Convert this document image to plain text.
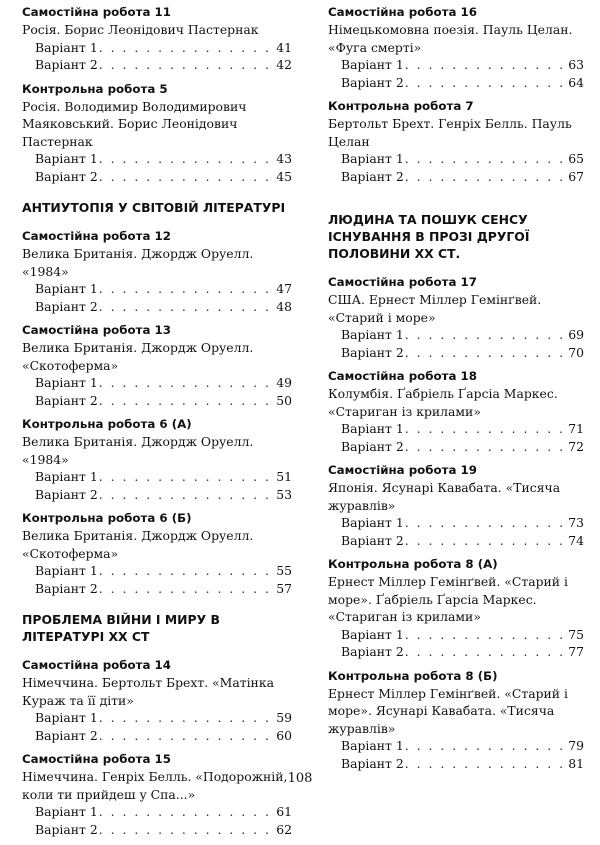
Самостійна робота 11
Росія. Борис Леонідович Пастернак
Варіант 1 . . .	41
Варіант 2 . . .	42
Контрольна робота 5
Росія. Володимир Володимирович Маяковський. Борис Леонідович Пастернак
Варіант 1 . . .	43
Варіант 2 . . .	45
АНТИУТОПІЯ У СВІТОВІЙ ЛІТЕРАТУРІ
Самостійна робота 12
Велика Британія. Джордж Оруелл. «1984»
Варіант 1 . . .	47
Варіант 2 . . .	48
Самостійна робота 13
Велика Британія. Джордж Оруелл. «Скотоферма»
Варіант 1 . . .	49
Варіант 2 . . .	50
Контрольна робота 6 (А)
Велика Британія. Джордж Оруелл. «1984»
Варіант 1 . . .	51
Варіант 2 . . .	53
Контрольна робота 6 (Б)
Велика Британія. Джордж Оруелл. «Скотоферма»
Варіант 1 . . .	55
Варіант 2 . . .	57
ПРОБЛЕМА ВІЙНИ І МИРУ В ЛІТЕРАТУРІ XX СТ
Самостійна робота 14
Німеччина. Бертольт Брехт. «Матінка Кураж та її діти»
Варіант 1 . . .	59
Варіант 2 . . .	60
Самостійна робота 15
Німеччина. Генріх Белль. «Подорожній, коли ти прийдеш у Спа...»
Варіант 1 . . .	61
Варіант 2 . . .	62
Самостійна робота 16
Німецькомовна поезія. Пауль Целан. «Фуга смерті»
Варіант 1 . . .	63
Варіант 2 . . .	64
Контрольна робота 7
Бертольт Брехт. Генріх Белль. Пауль Целан
Варіант 1 . . .	65
Варіант 2 . . .	67
ЛЮДИНА ТА ПОШУК СЕНСУ ІСНУВАННЯ В ПРОЗІ ДРУГОЇ ПОЛОВИНИ XX СТ.
Самостійна робота 17
США. Ернест Міллер Гемінґвей. «Старий і море»
Варіант 1 . . .	69
Варіант 2 . . .	70
Самостійна робота 18
Колумбія. Ґабріель Ґарсіа Маркес. «Стариган із крилами»
Варіант 1 . . .	71
Варіант 2 . . .	72
Самостійна робота 19
Японія. Ясунарі Кавабата. «Тисяча журавлів»
Варіант 1 . . .	73
Варіант 2 . . .	74
Контрольна робота 8 (А)
Ернест Міллер Гемінґвей. «Старий і море». Ґабріель Ґарсіа Маркес. «Стариган із крилами»
Варіант 1 . . .	75
Варіант 2 . . .	77
Контрольна робота 8 (Б)
Ернест Міллер Гемінґвей. «Старий і море». Ясунарі Кавабата. «Тисяча журавлів»
Варіант 1 . . .	79
Варіант 2 . . .	81
108
